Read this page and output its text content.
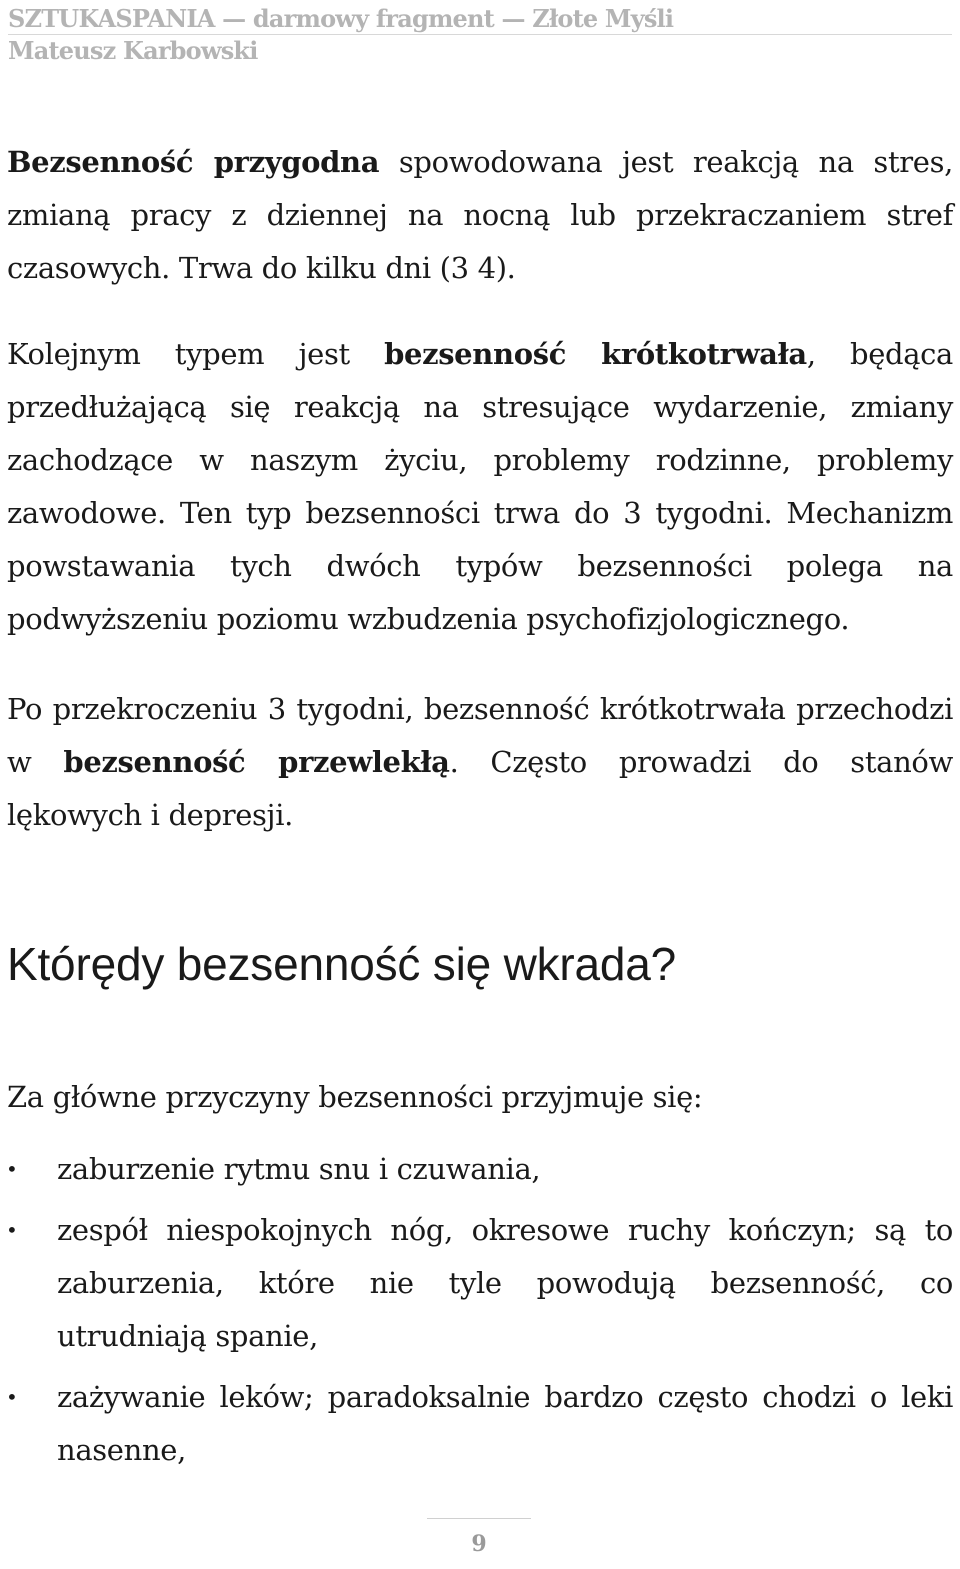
SZTUKASPANIA — darmowy fragment — Złote Myśli
Mateusz Karbowski

Bezsenność przygodna spowodowana jest reakcją na stres, zmianą pracy z dziennej na nocną lub przekraczaniem stref czasowych. Trwa do kilku dni (3 4).

Kolejnym typem jest bezsenność krótkotrwała, będąca przedłużającą się reakcją na stresujące wydarzenie, zmiany zachodzące w naszym życiu, problemy rodzinne, problemy zawodowe. Ten typ bezsenności trwa do 3 tygodni. Mechanizm powstawania tych dwóch typów bezsenności polega na podwyższeniu poziomu wzbudzenia psychofizjologicznego.

Po przekroczeniu 3 tygodni, bezsenność krótkotrwała przechodzi w bezsenność przewlekłą. Często prowadzi do stanów lękowych i depresji.

Którędy bezsenność się wkrada?

Za główne przyczyny bezsenności przyjmuje się:

• zaburzenie rytmu snu i czuwania,
• zespół niespokojnych nóg, okresowe ruchy kończyn; są to zaburzenia, które nie tyle powodują bezsenność, co utrudniają spanie,
• zażywanie leków; paradoksalnie bardzo często chodzi o leki nasenne,
9
